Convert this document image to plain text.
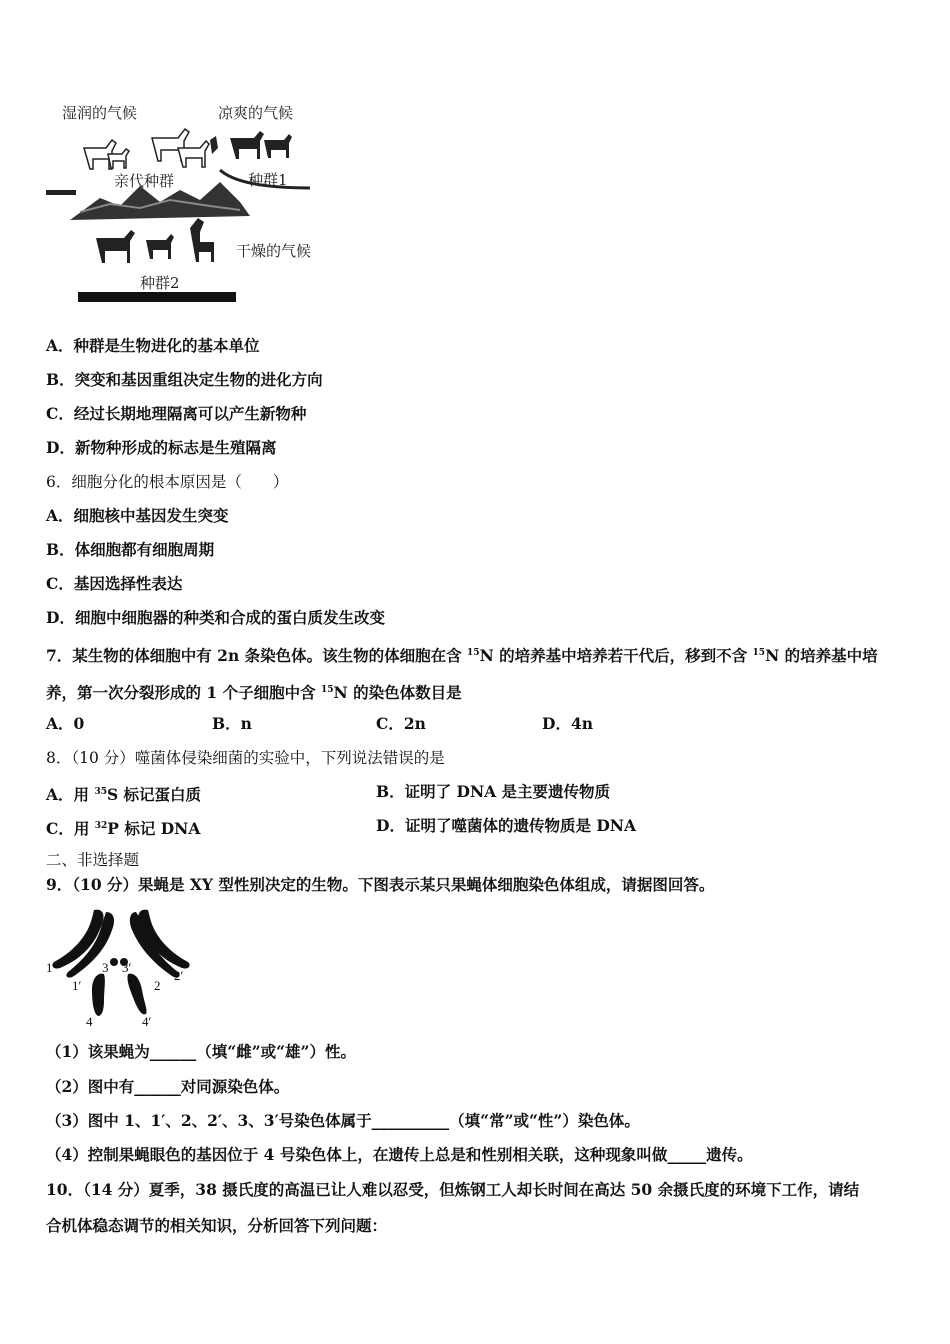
湿润的气候	凉爽的气候
亲代种群	种群1
干燥的气候
种群2
A．种群是生物进化的基本单位
B．突变和基因重组决定生物的进化方向
C．经过长期地理隔离可以产生新物种
D．新物种形成的标志是生殖隔离
6．细胞分化的根本原因是（　　）
A．细胞核中基因发生突变
B．体细胞都有细胞周期
C．基因选择性表达
D．细胞中细胞器的种类和合成的蛋白质发生改变
7．某生物的体细胞中有 2n 条染色体。该生物的体细胞在含 $^{15}$N 的培养基中培养若干代后，移到不含 $^{15}$N 的培养基中培
养，第一次分裂形成的 1 个子细胞中含 $^{15}$N 的染色体数目是
A．0	B．n	C．2n	D．4n
8．（10 分）噬菌体侵染细菌的实验中，下列说法错误的是
A．用 $^{35}$S 标记蛋白质	B．证明了 DNA 是主要遗传物质
C．用 $^{32}$P 标记 DNA	D．证明了噬菌体的遗传物质是 DNA
二、非选择题
9．（10 分）果蝇是 XY 型性别决定的生物。下图表示某只果蝇体细胞染色体组成，请据图回答。
1
1′
3 3′
2
2′
4	4′
（1）该果蝇为______（填“雌”或“雄”）性。
（2）图中有______对同源染色体。
（3）图中 1、1′、2、2′、3、3′号染色体属于__________（填“常”或“性”）染色体。
（4）控制果蝇眼色的基因位于 4 号染色体上，在遗传上总是和性别相关联，这种现象叫做_____遗传。
10．（14 分）夏季，38 摄氏度的高温已让人难以忍受，但炼钢工人却长时间在高达 50 余摄氏度的环境下工作，请结
合机体稳态调节的相关知识，分析回答下列问题：
